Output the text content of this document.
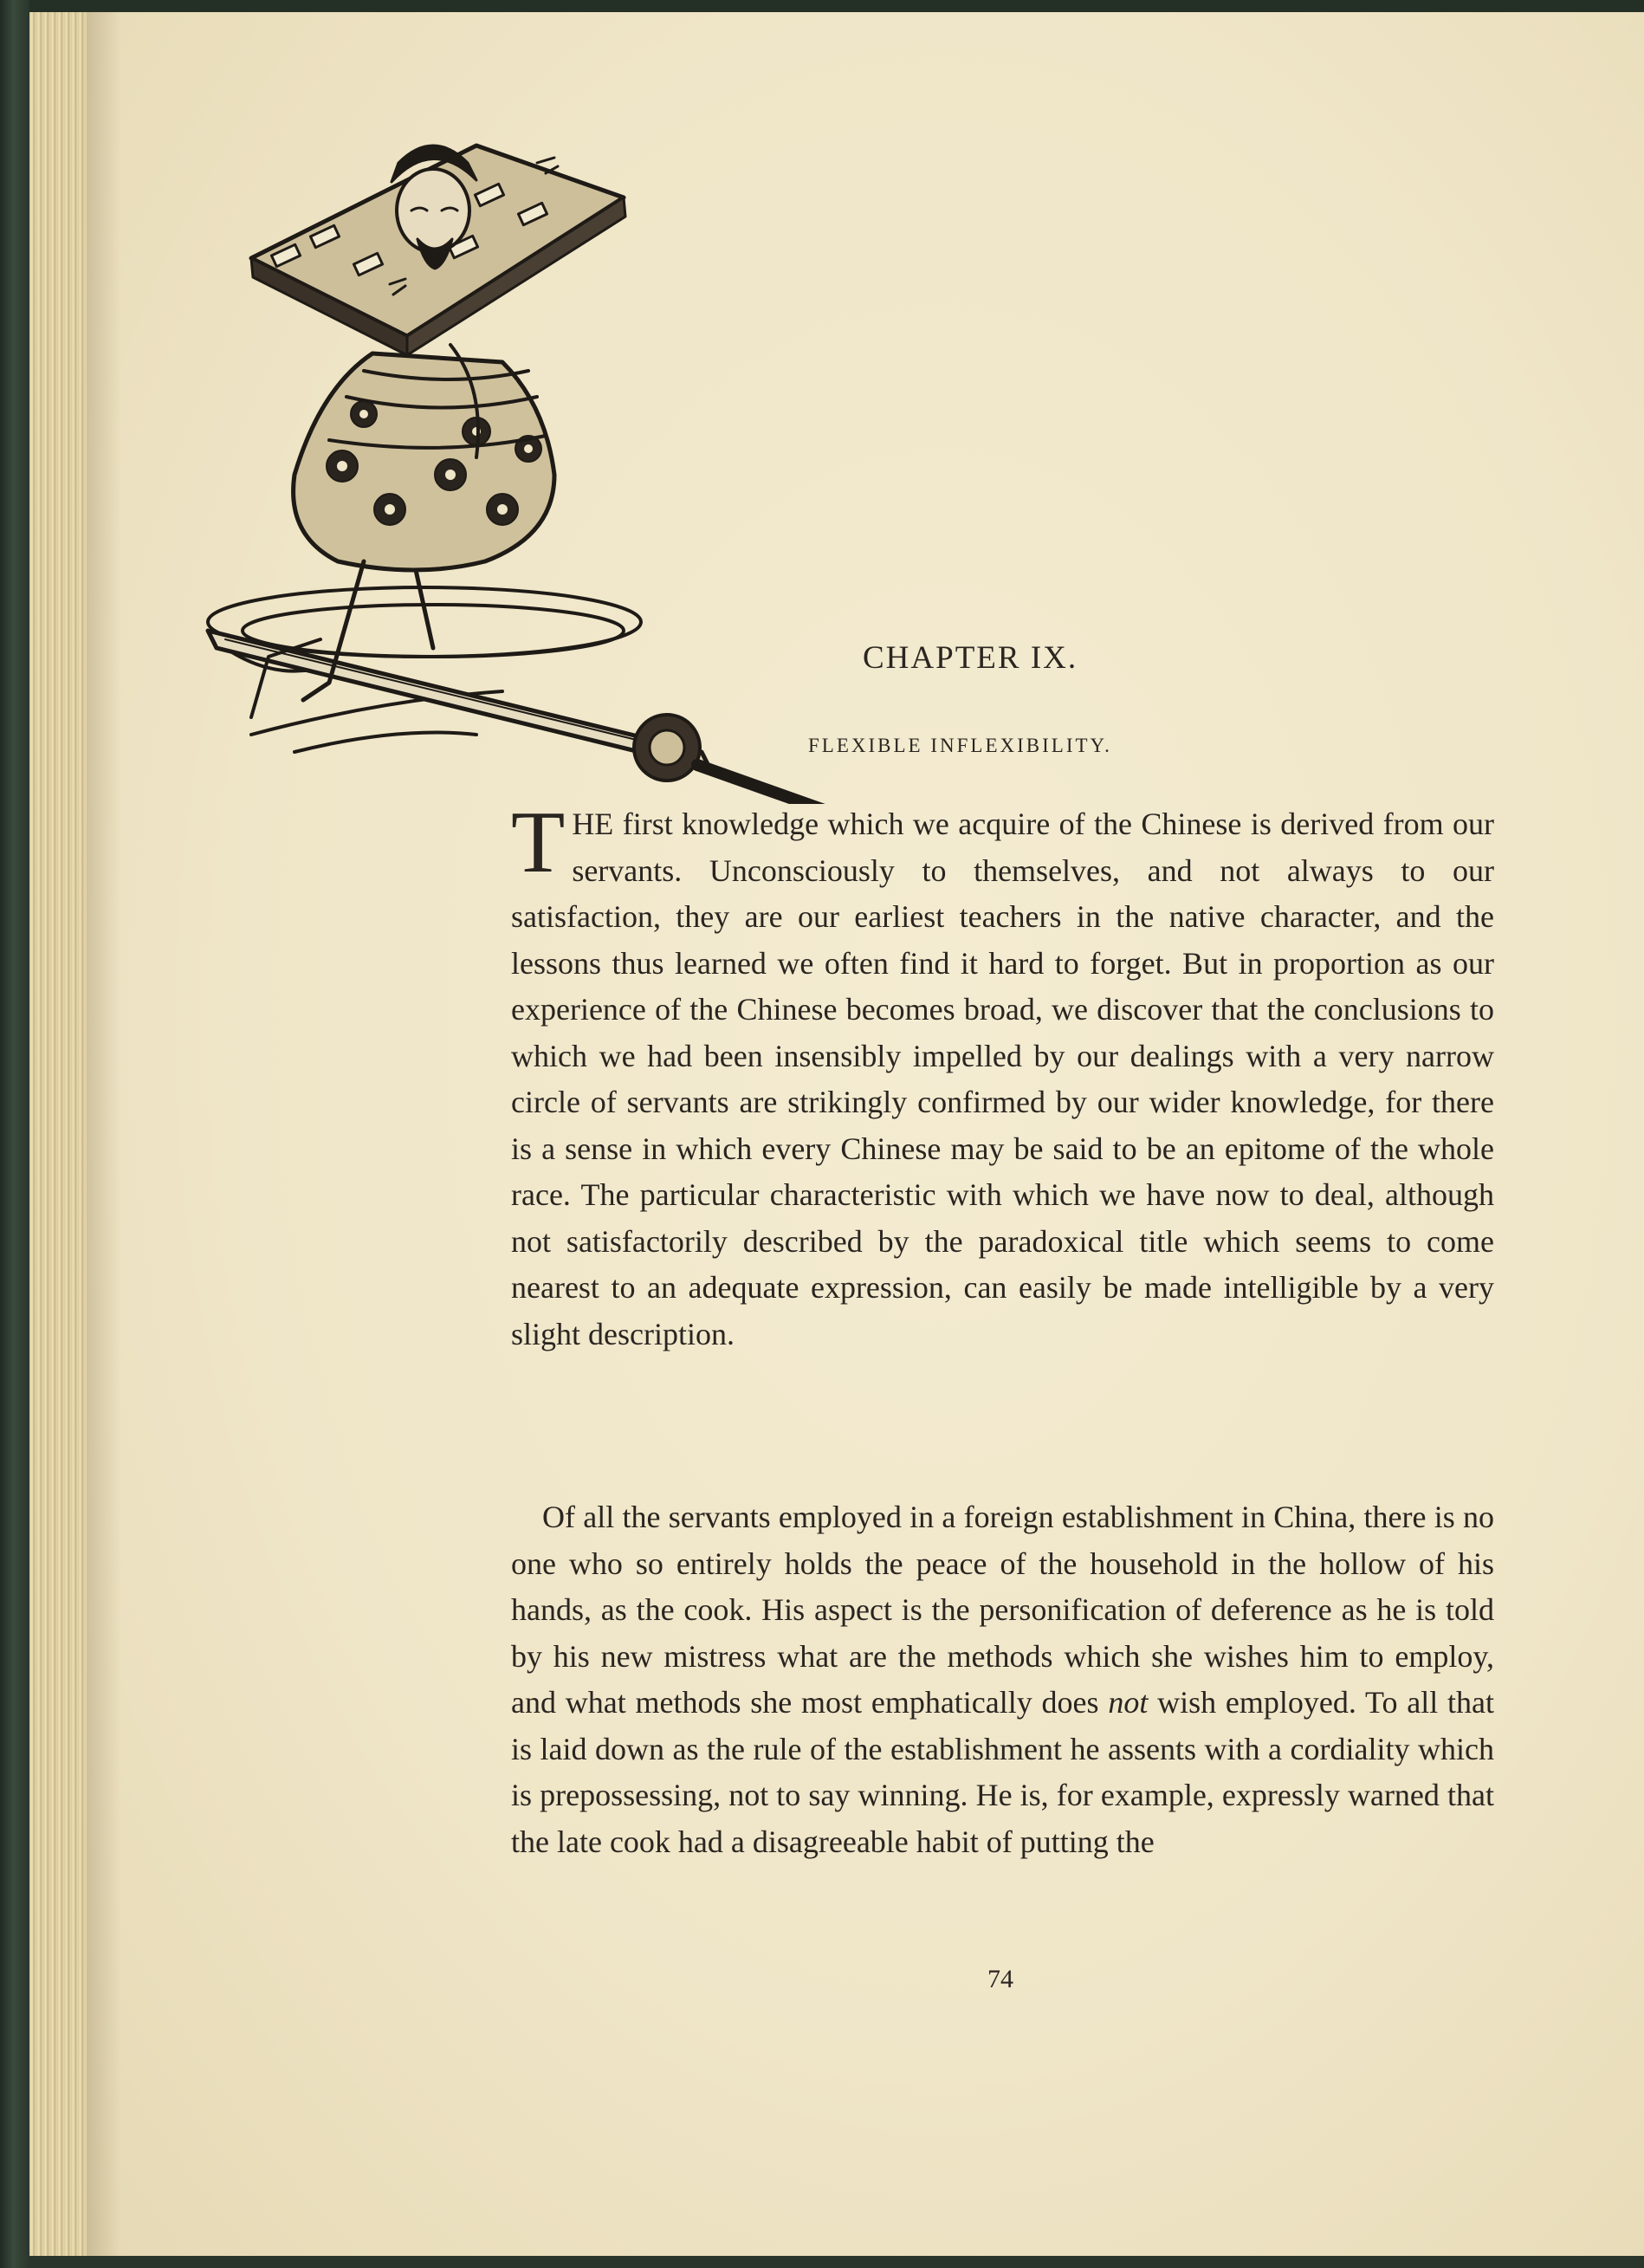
CHAPTER IX.
FLEXIBLE INFLEXIBILITY.

THE first knowledge which we acquire of the Chinese is derived from our servants. Unconsciously to themselves, and not always to our satisfaction, they are our earliest teachers in the native character, and the lessons thus learned we often find it hard to forget. But in proportion as our experience of the Chinese becomes broad, we discover that the conclusions to which we had been insensibly impelled by our dealings with a very narrow circle of servants are strikingly confirmed by our wider knowledge, for there is a sense in which every Chinese may be said to be an epitome of the whole race. The particular characteristic with which we have now to deal, although not satisfactorily described by the paradoxical title which seems to come nearest to an adequate expression, can easily be made intelligible by a very slight description.

 Of all the servants employed in a foreign establishment in China, there is no one who so entirely holds the peace of the household in the hollow of his hands, as the cook. His aspect is the personification of deference as he is told by his new mistress what are the methods which she wishes him to employ, and what methods she most emphatically does not wish employed. To all that is laid down as the rule of the establishment he assents with a cordiality which is prepossessing, not to say winning. He is, for example, expressly warned that the late cook had a disagreeable habit of putting the

74
